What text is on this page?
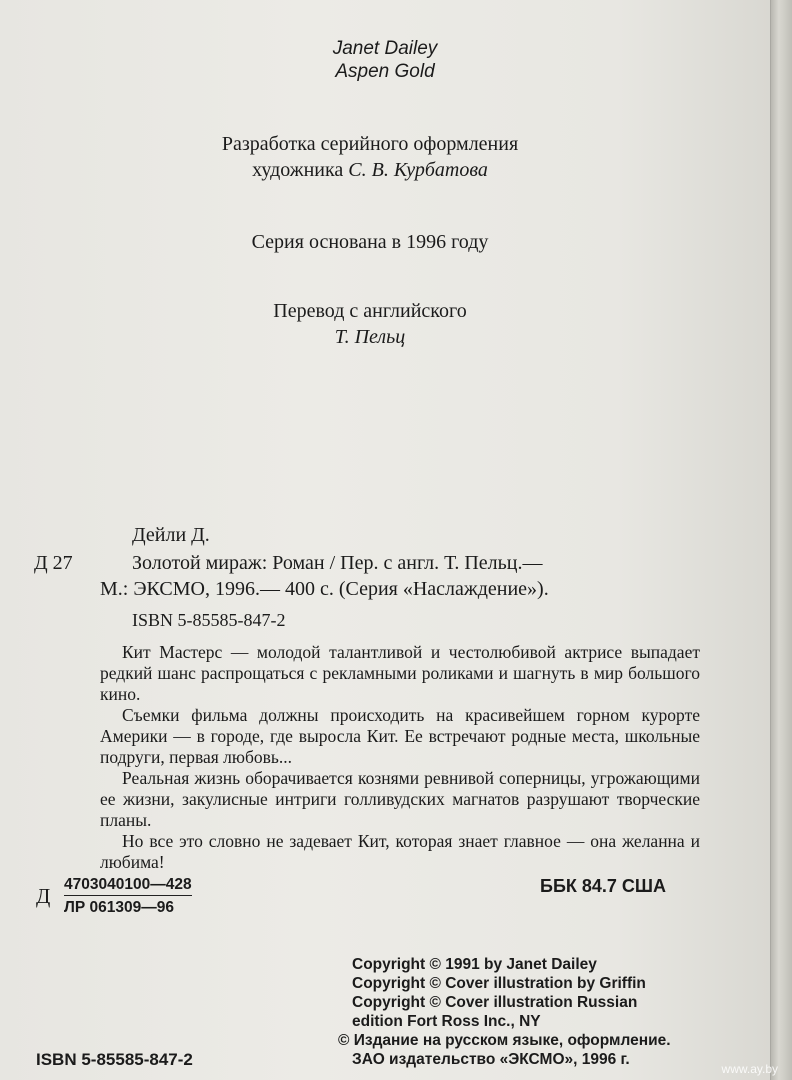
Janet Dailey
Aspen Gold
Разработка серийного оформления
художника С. В. Курбатова
Серия основана в 1996 году
Перевод с английского
Т. Пельц
Дейли Д.
Д 27	Золотой мираж: Роман / Пер. с англ. Т. Пельц.—
М.: ЭКСМО, 1996.— 400 с. (Серия «Наслаждение»).
ISBN 5-85585-847-2

Кит Мастерс — молодой талантливой и честолюбивой актрисе выпадает редкий шанс распрощаться с рекламными роликами и шагнуть в мир большого кино.

Съемки фильма должны происходить на красивейшем горном курорте Америки — в городе, где выросла Кит. Ее встречают родные места, школьные подруги, первая любовь...

Реальная жизнь оборачивается кознями ревнивой соперницы, угрожающими ее жизни, закулисные интриги голливудских магнатов разрушают творческие планы.

Но все это словно не задевает Кит, которая знает главное — она желанна и любима!

Д 4703040100—428
ЛР 061309—96
ББК 84.7 США
Copyright © 1991 by Janet Dailey
Copyright © Cover illustration by Griffin
Copyright © Cover illustration Russian
edition Fort Ross Inc., NY
© Издание на русском языке, оформление.
ЗАО издательство «ЭКСМО», 1996 г.
ISBN 5-85585-847-2	www.ay.by
